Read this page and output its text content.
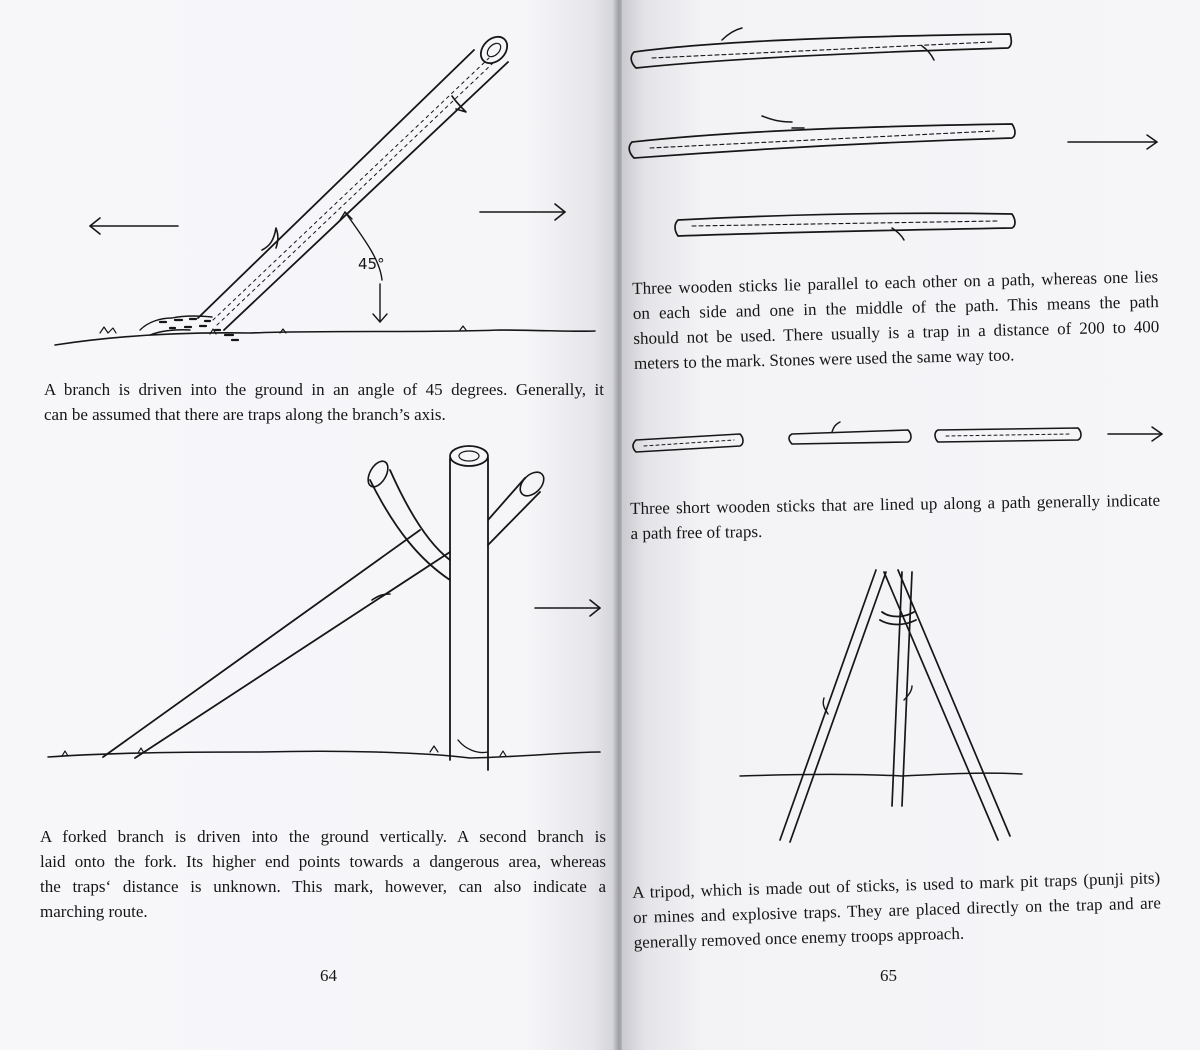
A branch is driven into the ground in an angle of 45 degrees. Generally, it
can be assumed that there are traps along the branch’s axis.

45°

A forked branch is driven into the ground vertically. A second branch is
laid onto the fork. Its higher end points towards a dangerous area, whereas
the traps‘ distance is unknown. This mark, however, can also indicate a
marching route.

64

Three wooden sticks lie parallel to each other on a path, whereas one lies
on each side and one in the middle of the path. This means the path
should not be used. There usually is a trap in a distance of 200 to 400
meters to the mark. Stones were used the same way too.

Three short wooden sticks that are lined up along a path generally indicate
a path free of traps.

A tripod, which is made out of sticks, is used to mark pit traps (punji pits)
or mines and explosive traps. They are placed directly on the trap and are
generally removed once enemy troops approach.

65
